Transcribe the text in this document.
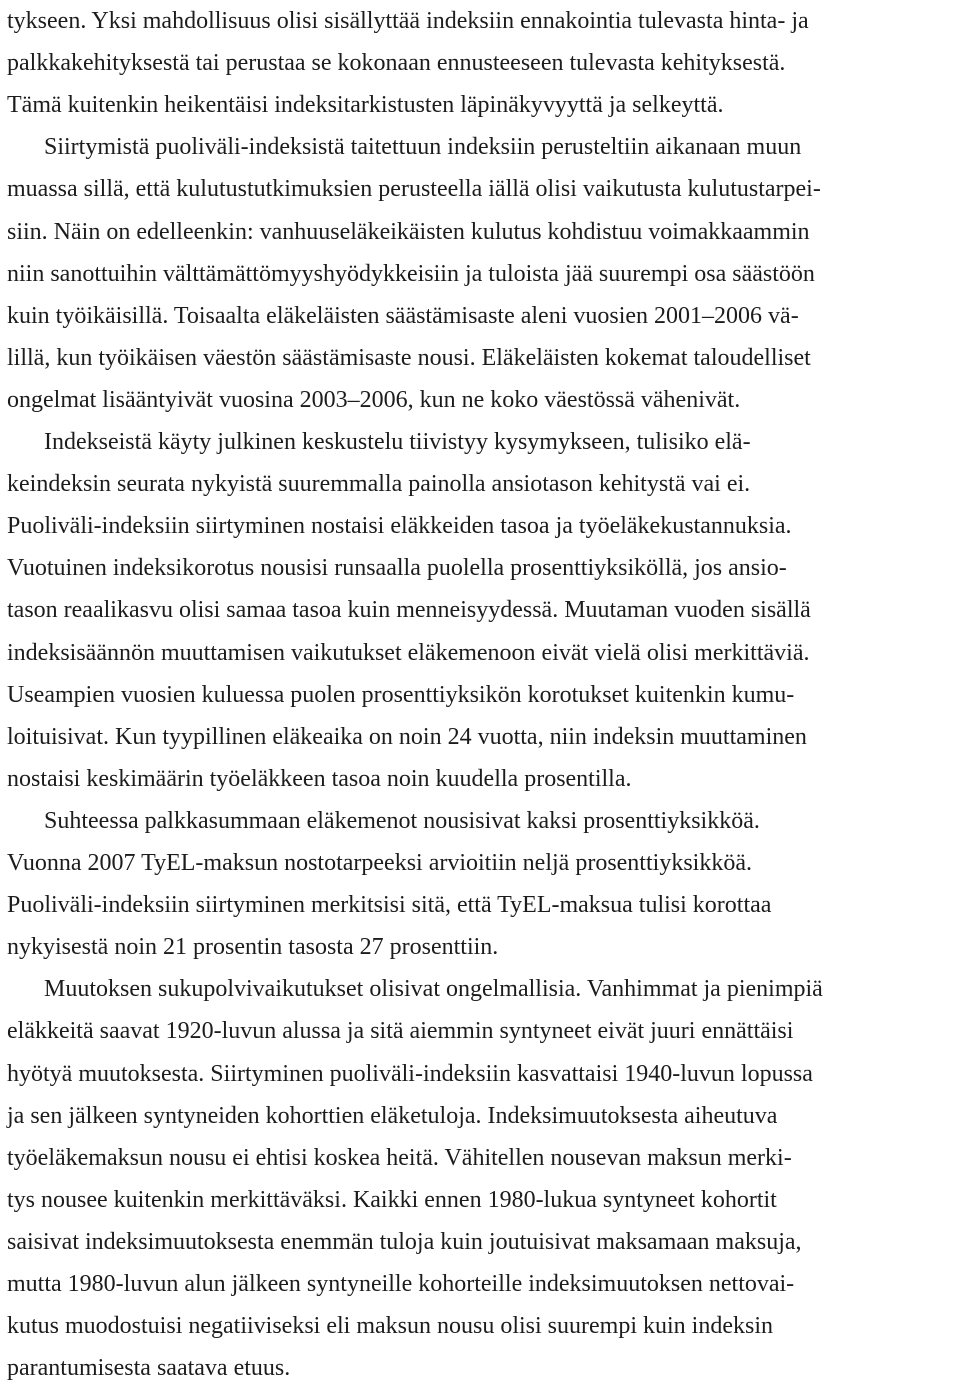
tykseen. Yksi mahdollisuus olisi sisällyttää indeksiin ennakointia tulevasta hinta- ja
palkkakehityksestä tai perustaa se kokonaan ennusteeseen tulevasta kehityksestä.
Tämä kuitenkin heikentäisi indeksitarkistusten läpinäkyvyyttä ja selkeyttä.
Siirtymistä puoliväli-indeksistä taitettuun indeksiin perusteltiin aikanaan muun
muassa sillä, että kulutustutkimuksien perusteella iällä olisi vaikutusta kulutustarpei-
siin. Näin on edelleenkin: vanhuuseläkeikäisten kulutus kohdistuu voimakkaammin
niin sanottuihin välttämättömyyshyödykkeisiin ja tuloista jää suurempi osa säästöön
kuin työikäisillä. Toisaalta eläkeläisten säästämisaste aleni vuosien 2001–2006 vä-
lillä, kun työikäisen väestön säästämisaste nousi. Eläkeläisten kokemat taloudelliset
ongelmat lisääntyivät vuosina 2003–2006, kun ne koko väestössä vähenivät.
Indekseistä käyty julkinen keskustelu tiivistyy kysymykseen, tulisiko elä-
keindeksin seurata nykyistä suuremmalla painolla ansiotason kehitystä vai ei.
Puoliväli-indeksiin siirtyminen nostaisi eläkkeiden tasoa ja työeläkekustannuksia.
Vuotuinen indeksikorotus nousisi runsaalla puolella prosenttiyksiköllä, jos ansio-
tason reaalikasvu olisi samaa tasoa kuin menneisyydessä. Muutaman vuoden sisällä
indeksisäännön muuttamisen vaikutukset eläkemenoon eivät vielä olisi merkittäviä.
Useampien vuosien kuluessa puolen prosenttiyksikön korotukset kuitenkin kumu-
loituisivat. Kun tyypillinen eläkeaika on noin 24 vuotta, niin indeksin muuttaminen
nostaisi keskimäärin työeläkkeen tasoa noin kuudella prosentilla.
Suhteessa palkkasummaan eläkemenot nousisivat kaksi prosenttiyksikköä.
Vuonna 2007 TyEL-maksun nostotarpeeksi arvioitiin neljä prosenttiyksikköä.
Puoliväli-indeksiin siirtyminen merkitsisi sitä, että TyEL-maksua tulisi korottaa
nykyisestä noin 21 prosentin tasosta 27 prosenttiin.
Muutoksen sukupolvivaikutukset olisivat ongelmallisia. Vanhimmat ja pienimpiä
eläkkeitä saavat 1920-luvun alussa ja sitä aiemmin syntyneet eivät juuri ennättäisi
hyötyä muutoksesta. Siirtyminen puoliväli-indeksiin kasvattaisi 1940-luvun lopussa
ja sen jälkeen syntyneiden kohorttien eläketuloja. Indeksimuutoksesta aiheutuva
työeläkemaksun nousu ei ehtisi koskea heitä. Vähitellen nousevan maksun merki-
tys nousee kuitenkin merkittäväksi. Kaikki ennen 1980-lukua syntyneet kohortit
saisivat indeksimuutoksesta enemmän tuloja kuin joutuisivat maksamaan maksuja,
mutta 1980-luvun alun jälkeen syntyneille kohorteille indeksimuutoksen nettovai-
kutus muodostuisi negatiiviseksi eli maksun nousu olisi suurempi kuin indeksin
parantumisesta saatava etuus.
